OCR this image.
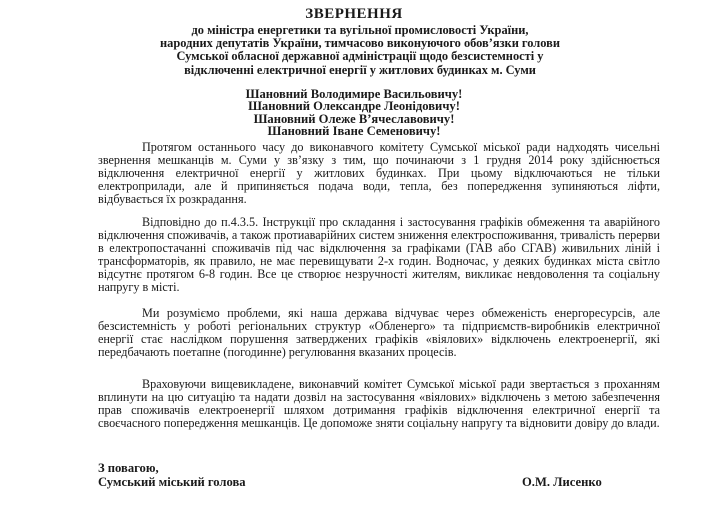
ЗВЕРНЕННЯ
до міністра енергетики та вугільної промисловості України,
народних депутатів України, тимчасово виконуючого обов’язки голови
Сумської обласної державної адміністрації щодо безсистемності у
відключенні електричної енергії у житлових будинках м. Суми
Шановний Володимире Васильовичу!
Шановний Олександре Леонідовичу!
Шановний Олеже В’ячеславовичу!
Шановний Іване Семеновичу!

Протягом останнього часу до виконавчого комітету Сумської міської ради надходять чисельні звернення мешканців м. Суми у зв’язку з тим, що починаючи з 1 грудня 2014 року здійснюється відключення електричної енергії у житлових будинках. При цьому відключаються не тільки електроприлади, але й припиняється подача води, тепла, без попередження зупиняються ліфти, відбувається їх розкрадання.

Відповідно до п.4.3.5. Інструкції про складання і застосування графіків обмеження та аварійного відключення споживачів, а також протиаварійних систем зниження електроспоживання, тривалість перерви в електропостачанні споживачів під час відключення за графіками (ГАВ або СГАВ) живильних ліній і трансформаторів, як правило, не має перевищувати 2-х годин. Водночас, у деяких будинках міста світло відсутнє протягом 6-8 годин. Все це створює незручності жителям, викликає невдоволення та соціальну напругу в місті.

Ми розуміємо проблеми, які наша держава відчуває через обмеженість енергоресурсів, але безсистемність у роботі регіональних структур «Обленерго» та підприємств-виробників електричної енергії стає наслідком порушення затверджених графіків «віялових» відключень електроенергії, які передбачають поетапне (погодинне) регулювання вказаних процесів.

Враховуючи вищевикладене, виконавчий комітет Сумської міської ради звертається з проханням вплинути на цю ситуацію та надати дозвіл на застосування «віялових» відключень з метою забезпечення прав споживачів електроенергії шляхом дотримання графіків відключення електричної енергії та своєчасного попередження мешканців. Це допоможе зняти соціальну напругу та відновити довіру до влади.

З повагою,
Сумський міський голова	О.М. Лисенко
